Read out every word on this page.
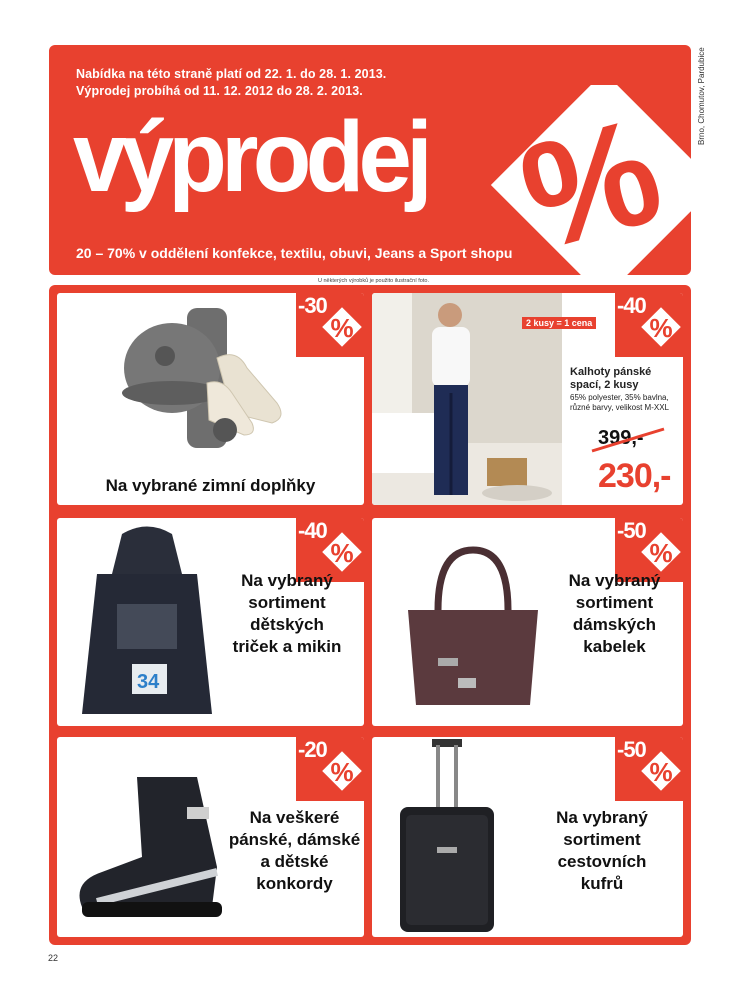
Nabídka na této straně platí od 22. 1. do 28. 1. 2013.
Výprodej probíhá od 11. 12. 2012 do 28. 2. 2013.
výprodej
20 – 70% v oddělení konfekce, textilu, obuvi, Jeans a Sport shopu
% Brno, Chomutov, Pardubice
U některých výrobků je použito ilustrační foto.
-30
%
Na vybrané zimní doplňky
2 kusy = 1 cena
-40
%
Kalhoty pánské
spací, 2 kusy
65% polyester, 35% bavlna,
různé barvy, velikost M-XXL
399,-
230,-
34
-40
%
Na vybraný
sortiment
dětských
triček a mikin
-50
%
Na vybraný
sortiment
dámských
kabelek
-20
%
Na veškeré
pánské, dámské
a dětské
konkordy
-50
%
Na vybraný
sortiment
cestovních
kufrů
22
